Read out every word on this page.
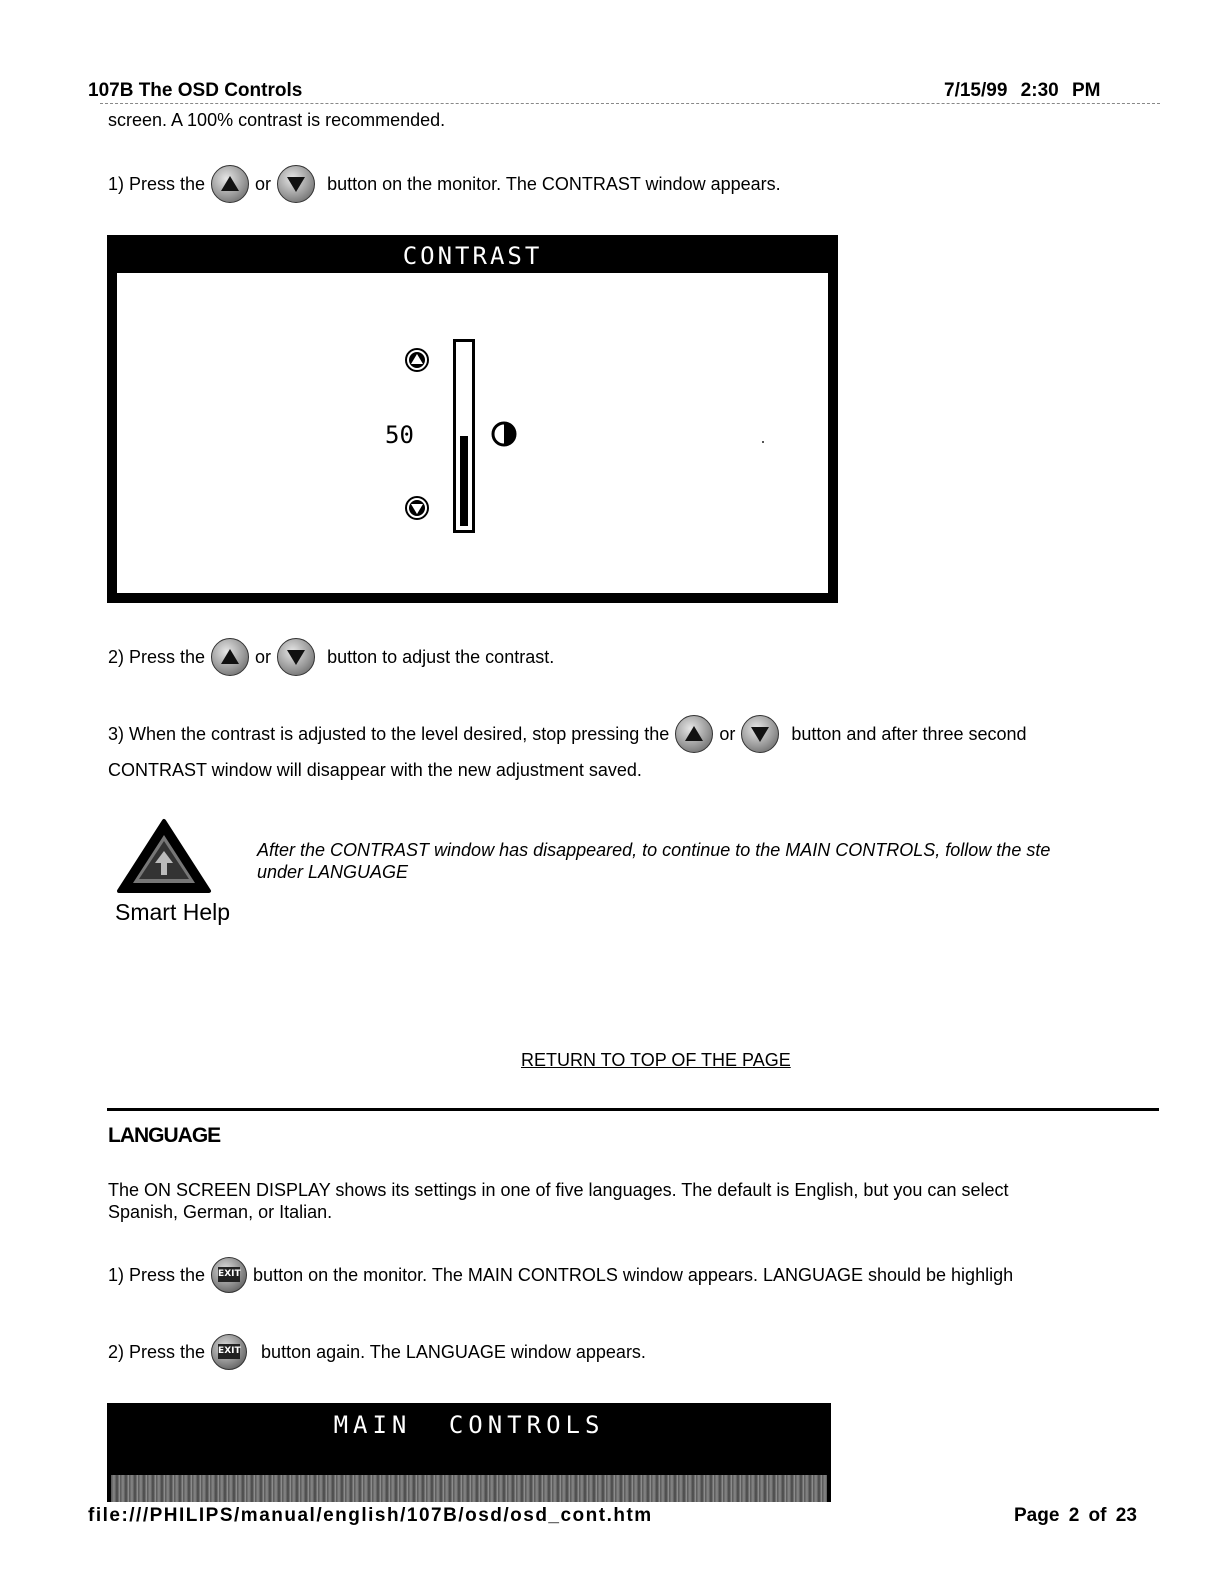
107B The OSD Controls	7/15/99 2:30 PM
screen. A 100% contrast is recommended.
1) Press the	or	button on the monitor. The CONTRAST window appears.
CONTRAST
50
2) Press the	or	button to adjust the contrast.
3) When the contrast is adjusted to the level desired, stop pressing the	or	button and after three second
CONTRAST window will disappear with the new adjustment saved.
Smart Help
After the CONTRAST window has disappeared, to continue to the MAIN CONTROLS, follow the ste
under LANGUAGE
RETURN TO TOP OF THE PAGE
LANGUAGE
The ON SCREEN DISPLAY shows its settings in one of five languages. The default is English, but you can select
Spanish, German, or Italian.
1) Press the EXIT button on the monitor. The MAIN CONTROLS window appears. LANGUAGE should be highligh
2) Press the EXIT button again. The LANGUAGE window appears.
MAIN CONTROLS
file:///PHILIPS/manual/english/107B/osd/osd_cont.htm	Page 2 of 23
